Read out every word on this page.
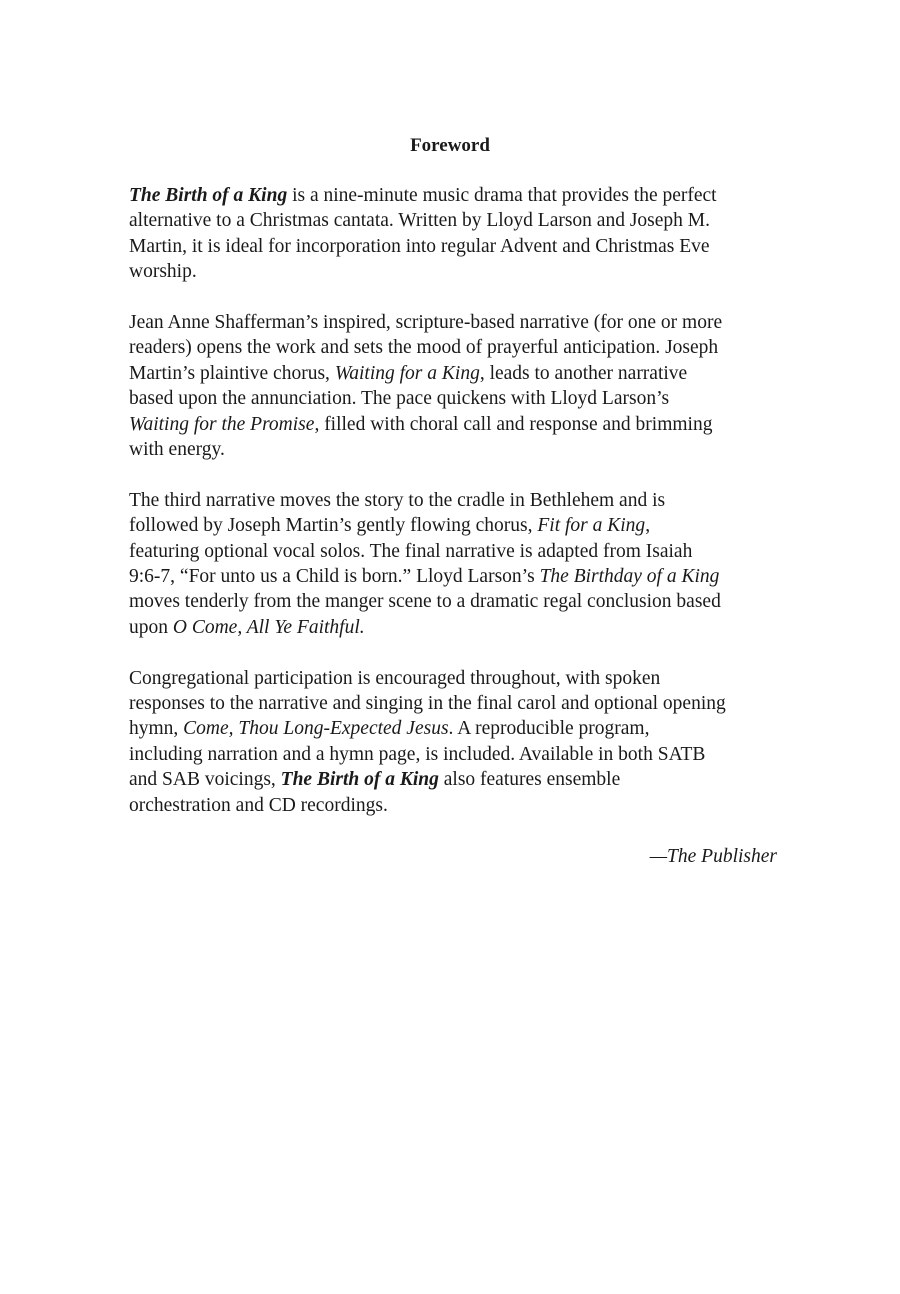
Foreword

The Birth of a King is a nine-minute music drama that provides the perfect
alternative to a Christmas cantata. Written by Lloyd Larson and Joseph M.
Martin, it is ideal for incorporation into regular Advent and Christmas Eve
worship.

Jean Anne Shafferman’s inspired, scripture-based narrative (for one or more
readers) opens the work and sets the mood of prayerful anticipation. Joseph
Martin’s plaintive chorus, Waiting for a King, leads to another narrative
based upon the annunciation. The pace quickens with Lloyd Larson’s
Waiting for the Promise, filled with choral call and response and brimming
with energy.

The third narrative moves the story to the cradle in Bethlehem and is
followed by Joseph Martin’s gently flowing chorus, Fit for a King,
featuring optional vocal solos. The final narrative is adapted from Isaiah
9:6-7, “For unto us a Child is born.” Lloyd Larson’s The Birthday of a King
moves tenderly from the manger scene to a dramatic regal conclusion based
upon O Come, All Ye Faithful.

Congregational participation is encouraged throughout, with spoken
responses to the narrative and singing in the final carol and optional opening
hymn, Come, Thou Long-Expected Jesus. A reproducible program,
including narration and a hymn page, is included. Available in both SATB
and SAB voicings, The Birth of a King also features ensemble
orchestration and CD recordings.

—The Publisher
